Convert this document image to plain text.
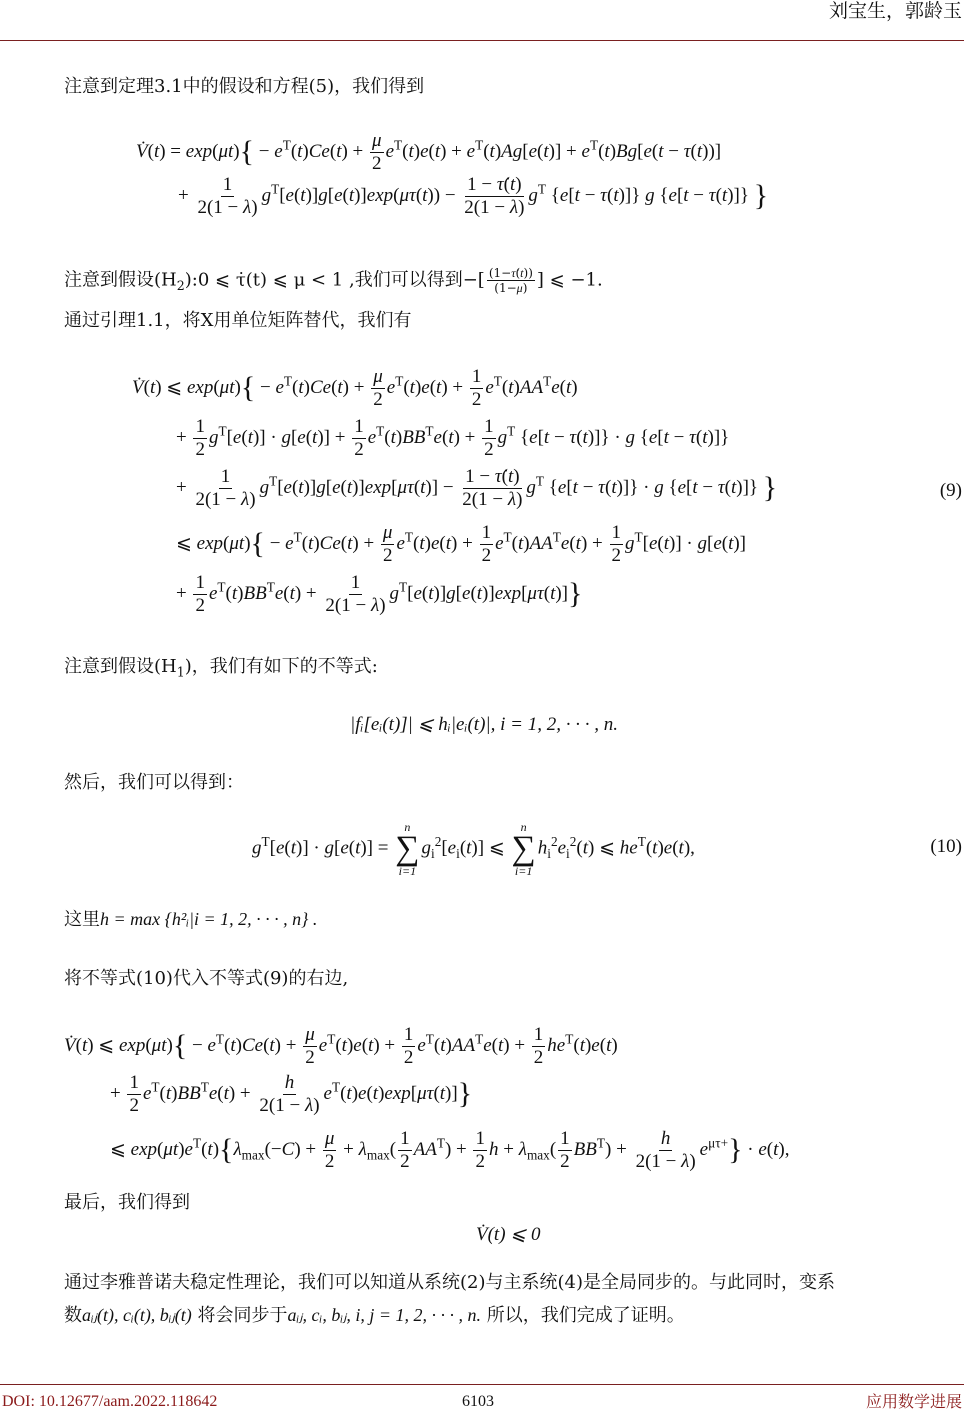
刘宝生，郭龄玉
注意到定理3.1中的假设和方程(5)，我们得到
V̇(t) = $\exp(\mu t)\{ - e^T(t)Ce(t) + \frac{\mu}{2} e^T(t)e(t) + e^T(t)Ag[e(t)] + e^T(t)Bg[e(t - \tau(t))]$
+ $\frac{1}{2(1 - \lambda)} g^T[e(t)]g[e(t)]\exp(\mu\tau(t)) - \frac{1 - \tau̇(t)}{2(1 - \lambda)} g^T$ {e[t − τ(t)]} g {e[t − τ(t)]} }
注意到假设$(H_2):0$ ⩽ τ̇(t) ⩽ μ < 1 ,我们可以得到−[ $\frac{(1-\tau̇(t))}{(1-\mu)}$ ] ⩽ −1.
通过引理1.1，将X用单位矩阵替代，我们有
V̇(t) ⩽ $\exp(\mu t)\{ - e^T(t)Ce(t) + \frac{\mu}{2} e^T(t)e(t) + \frac{1}{2} e^T(t)AA^Te(t)$
+ $\frac{1}{2} g^T[e(t)] \cdot g[e(t)] + \frac{1}{2} e^T(t)BB^Te(t) + \frac{1}{2} g^T$ {e[t − τ(t)]} · g {e[t − τ(t)]}
+ $\frac{1}{2(1 - \lambda)} g^T[e(t)]g[e(t)]\exp[\mu\tau(t)] - \frac{1 - \tau̇(t)}{2(1 - \lambda)} g^T$ {e[t − τ(t)]} · g {e[t − τ(t)]} }	(9)
⩽ $\exp(\mu t)\{ - e^T(t)Ce(t) + \frac{\mu}{2} e^T(t)e(t) + \frac{1}{2} e^T(t)AA^Te(t) + \frac{1}{2} g^T[e(t)] \cdot g[e(t)]$
+ $\frac{1}{2} e^T(t)BB^Te(t) + \frac{1}{2(1 - \lambda)} g^T[e(t)]g[e(t)]\exp[\mu\tau(t)]$}
注意到假设$(H_1)$，我们有如下的不等式:
|fᵢ[eᵢ(t)]| ⩽ hᵢ|eᵢ(t)|, i = 1, 2, · · · , n.
然后，我们可以得到：
$g^T[e(t)] \cdot g[e(t)]$ =
n
∑
i=1
$g_i^2[e_i(t)]$ ⩽
n
∑
i=1
$h_i^2e_i^2(t)$ ⩽ $he^T(t)e(t)$,	(10)
这里h = max {h²ᵢ|i = 1, 2, · · · , n} .
将不等式(10)代入不等式(9)的右边,
V̇(t) ⩽ $\exp(\mu t)\{ - e^T(t)Ce(t) + \frac{\mu}{2} e^T(t)e(t) + \frac{1}{2} e^T(t)AA^Te(t) + \frac{1}{2} he^T(t)e(t)$
+ $\frac{1}{2} e^T(t)BB^Te(t) + \frac{h}{2(1 - \lambda)} e^T(t)e(t)\exp[\mu\tau(t)]$}
⩽ $\exp(\mu t)e^T(t)\{\lambda_{max}(-C) + \frac{\mu}{2} + \lambda_{max}( \frac{1}{2} AA^T) + \frac{1}{2}$ $h + \lambda_{max}( \frac{1}{2} BB^T) + \frac{h}{2(1 - \lambda)} e^{\mu\tau+}\} \cdot e(t)$,
最后，我们得到
V̇(t) ⩽ 0
通过李雅普诺夫稳定性理论，我们可以知道从系统(2)与主系统(4)是全局同步的。与此同时，变系
数aᵢⱼ(t), cᵢ(t), bᵢⱼ(t) 将会同步于aᵢⱼ, cᵢ, bᵢⱼ, i, j = 1, 2, · · · , n. 所以，我们完成了证明。
DOI: 10.12677/aam.2022.118642	6103	应用数学进展
